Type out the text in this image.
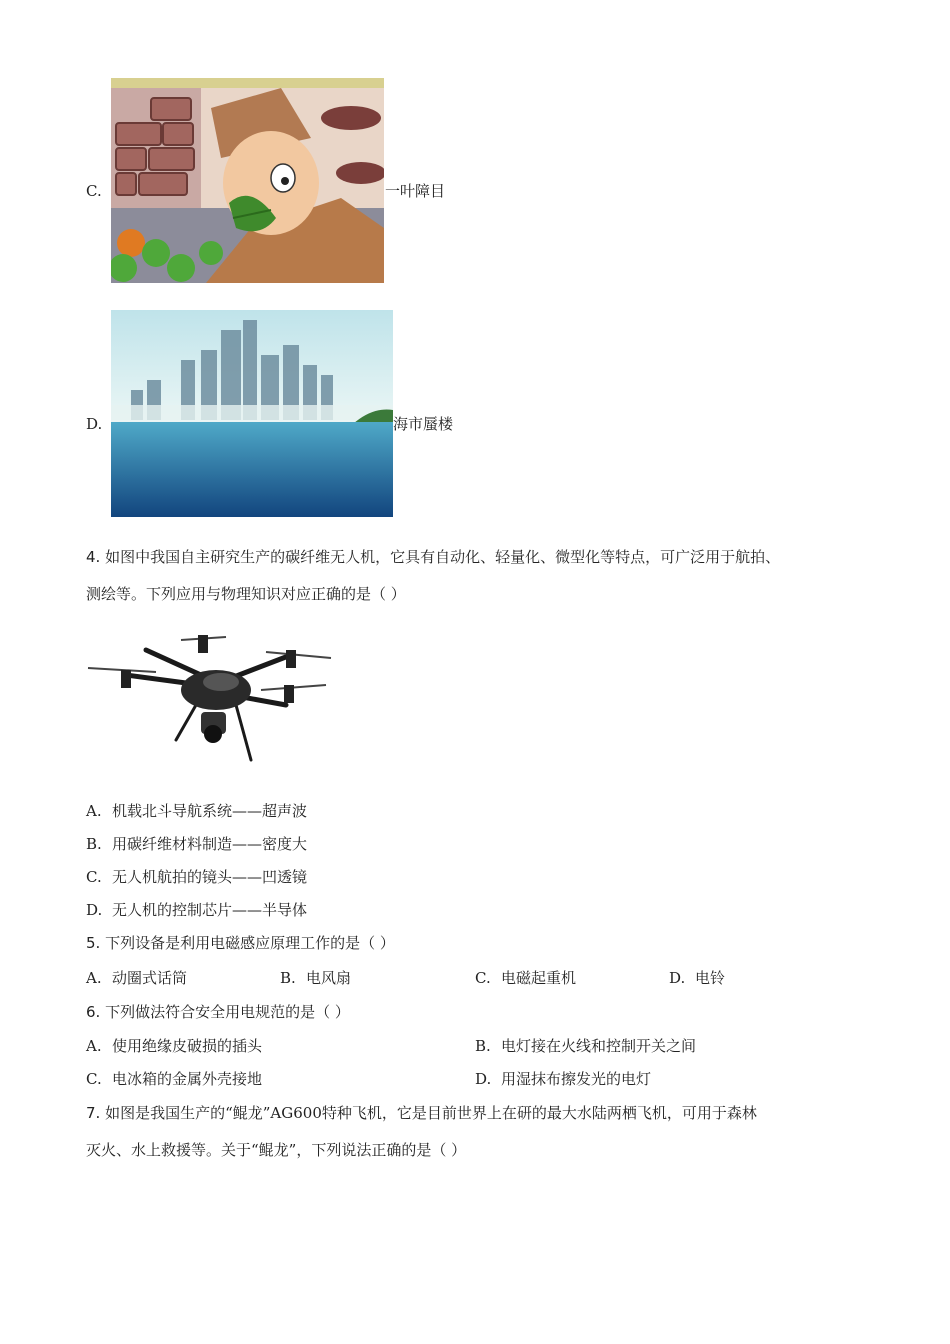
C.	一叶障目
D.	海市蜃楼
4. 如图中我国自主研究生产的碳纤维无人机，它具有自动化、轻量化、微型化等特点，可广泛用于航拍、
测绘等。下列应用与物理知识对应正确的是（ ）
A. 机载北斗导航系统——超声波
B. 用碳纤维材料制造——密度大
C. 无人机航拍的镜头——凹透镜
D. 无人机的控制芯片——半导体
5. 下列设备是利用电磁感应原理工作的是（ ）
A. 动圈式话筒	B. 电风扇	C. 电磁起重机	D. 电铃
6. 下列做法符合安全用电规范的是（ ）
A. 使用绝缘皮破损的插头	B. 电灯接在火线和控制开关之间
C. 电冰箱的金属外壳接地	D. 用湿抹布擦发光的电灯
7. 如图是我国生产的“鲲龙”AG600特种飞机，它是目前世界上在研的最大水陆两栖飞机，可用于森林
灭火、水上救援等。关于“鲲龙”，下列说法正确的是（ ）
